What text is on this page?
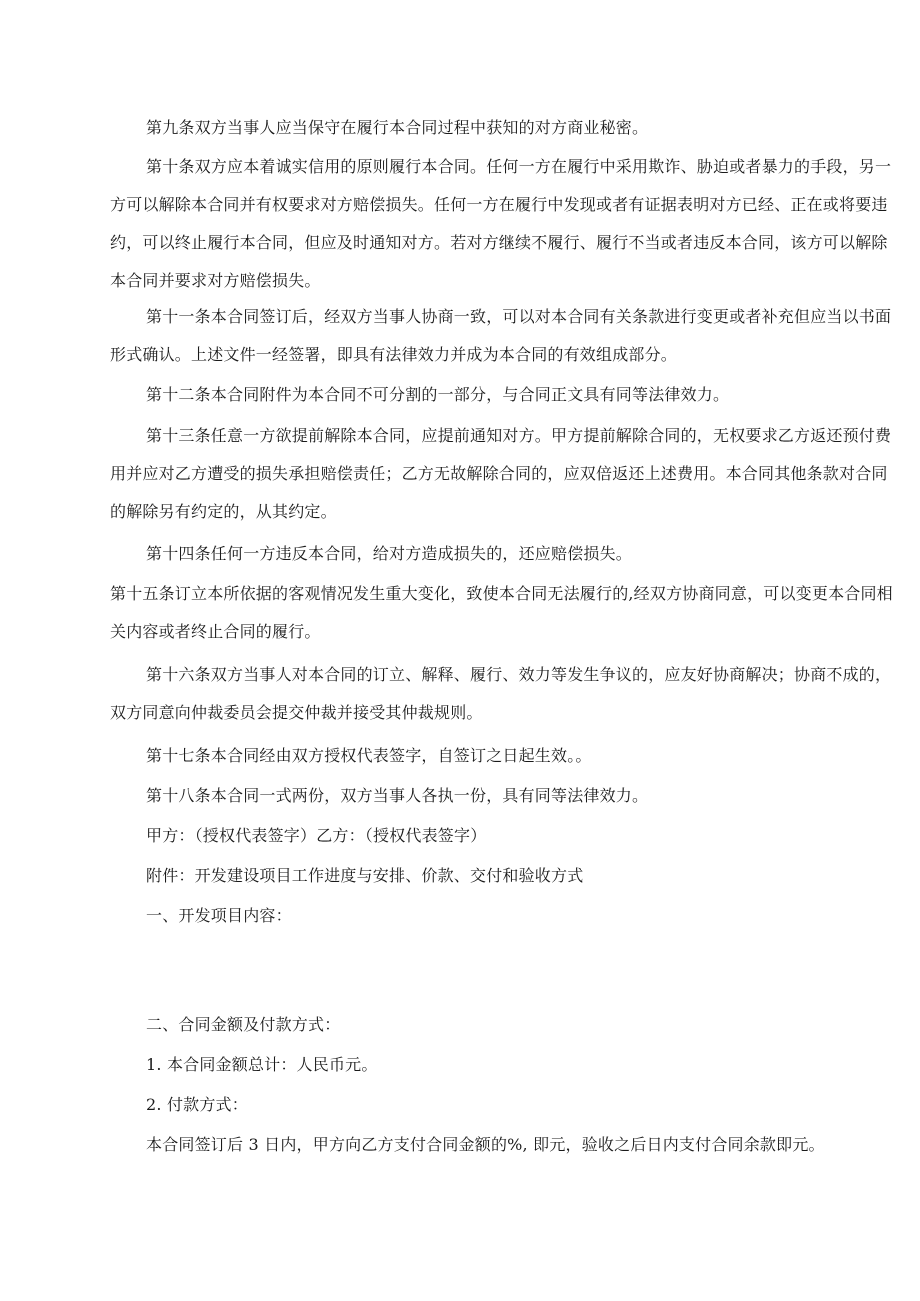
第九条双方当事人应当保守在履行本合同过程中获知的对方商业秘密。

第十条双方应本着诚实信用的原则履行本合同。任何一方在履行中采用欺诈、胁迫或者暴力的手段，另一方可以解除本合同并有权要求对方赔偿损失。任何一方在履行中发现或者有证据表明对方已经、正在或将要违约，可以终止履行本合同，但应及时通知对方。若对方继续不履行、履行不当或者违反本合同，该方可以解除本合同并要求对方赔偿损失。

第十一条本合同签订后，经双方当事人协商一致，可以对本合同有关条款进行变更或者补充但应当以书面形式确认。上述文件一经签署，即具有法律效力并成为本合同的有效组成部分。

第十二条本合同附件为本合同不可分割的一部分，与合同正文具有同等法律效力。

第十三条任意一方欲提前解除本合同，应提前通知对方。甲方提前解除合同的，无权要求乙方返还预付费用并应对乙方遭受的损失承担赔偿责任；乙方无故解除合同的，应双倍返还上述费用。本合同其他条款对合同的解除另有约定的，从其约定。

第十四条任何一方违反本合同，给对方造成损失的，还应赔偿损失。

第十五条订立本所依据的客观情况发生重大变化，致使本合同无法履行的,经双方协商同意，可以变更本合同相关内容或者终止合同的履行。

第十六条双方当事人对本合同的订立、解释、履行、效力等发生争议的，应友好协商解决；协商不成的，双方同意向仲裁委员会提交仲裁并接受其仲裁规则。

第十七条本合同经由双方授权代表签字，自签订之日起生效。。

第十八条本合同一式两份，双方当事人各执一份，具有同等法律效力。

甲方：（授权代表签字）乙方：（授权代表签字）

附件：开发建设项目工作进度与安排、价款、交付和验收方式

一、开发项目内容：

二、合同金额及付款方式：

1. 本合同金额总计：人民币元。

2. 付款方式：

本合同签订后 3 日内，甲方向乙方支付合同金额的%, 即元，验收之后日内支付合同余款即元。
